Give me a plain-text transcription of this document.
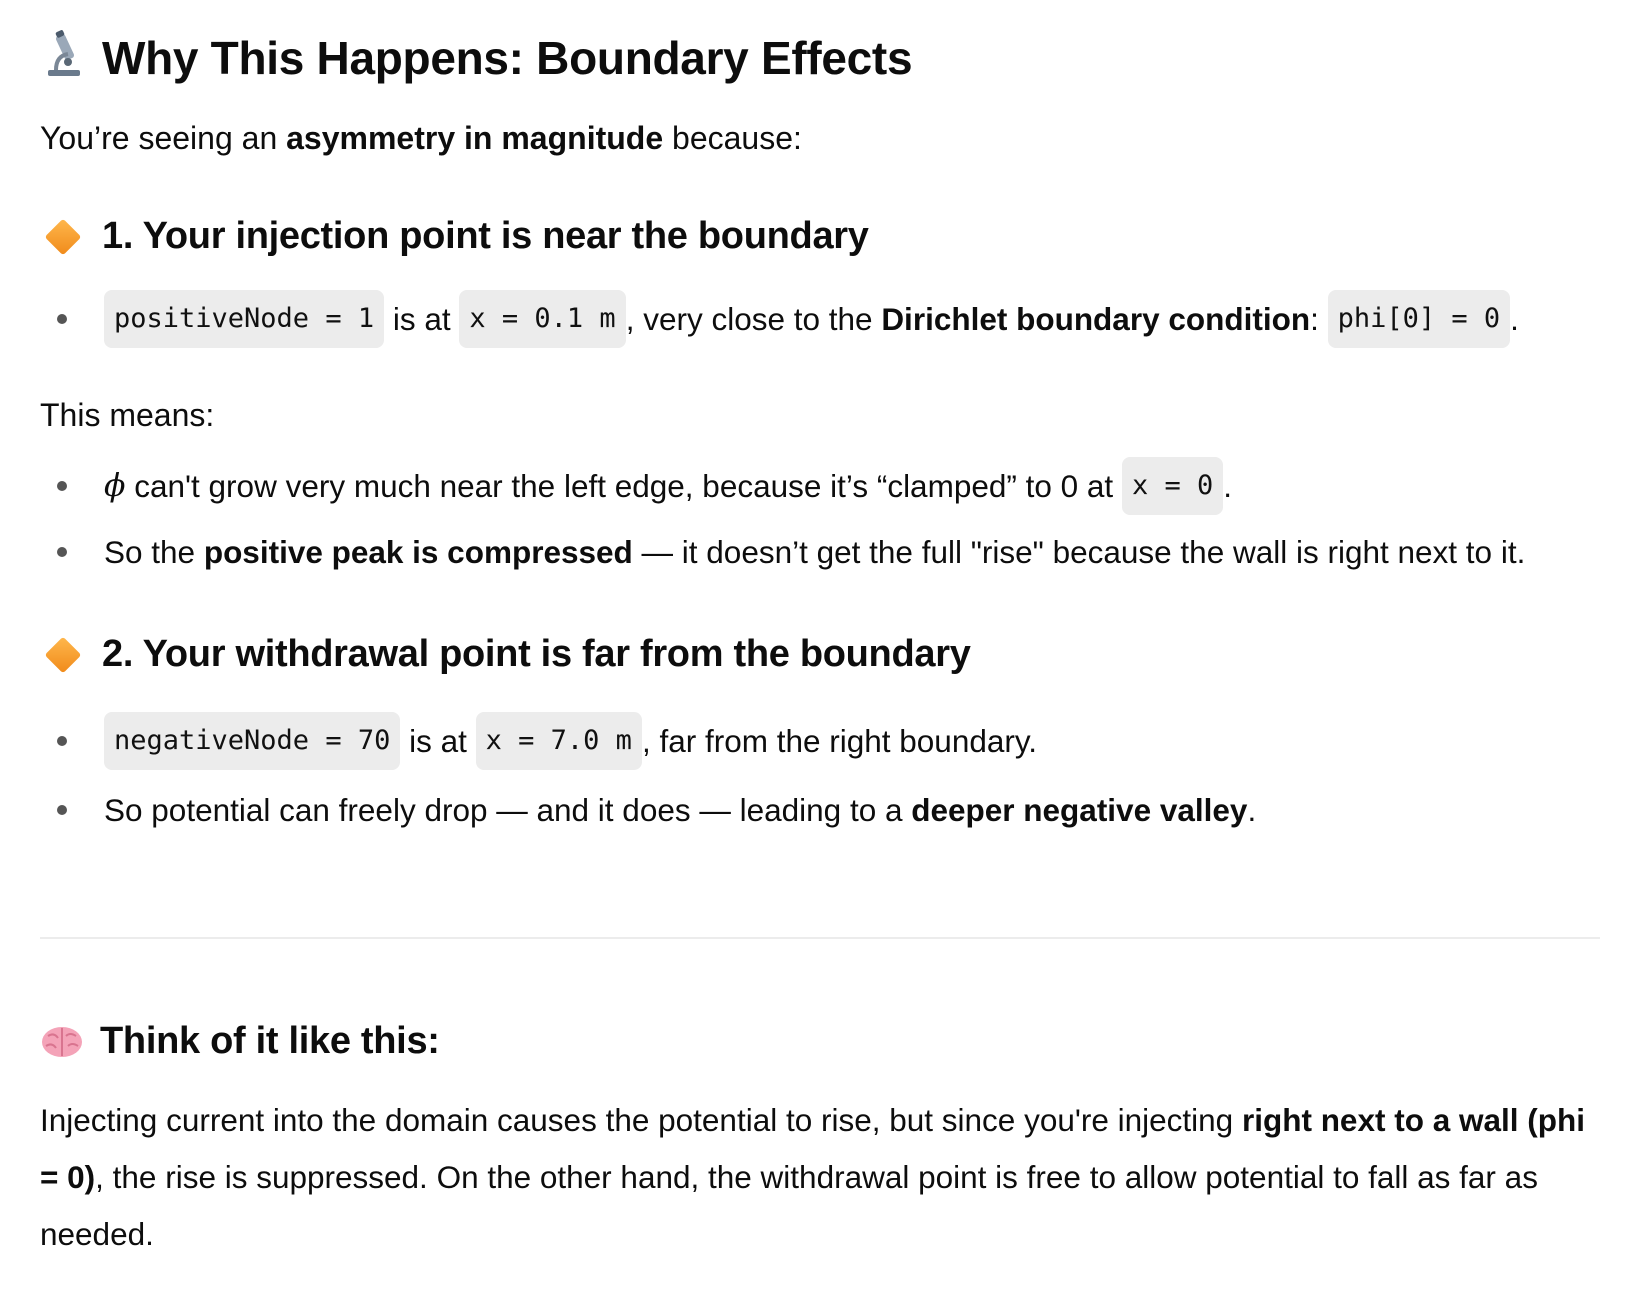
Why This Happens: Boundary Effects
You’re seeing an asymmetry in magnitude because:
1. Your injection point is near the boundary
positiveNode = 1 is at x = 0.1 m , very close to the Dirichlet boundary condition : phi[0] = 0 .
This means:
ϕ can't grow very much near the left edge, because it’s “clamped” to 0 at x = 0 .
So the positive peak is compressed — it doesn’t get the full "rise" because the wall is right next to it.
2. Your withdrawal point is far from the boundary
negativeNode = 70 is at x = 7.0 m , far from the right boundary.
So potential can freely drop — and it does — leading to a deeper negative valley .
Think of it like this:
Injecting current into the domain causes the potential to rise, but since you're injecting right next to a wall (phi = 0), the rise is suppressed. On the other hand, the withdrawal point is free to allow potential to fall as far as needed.
